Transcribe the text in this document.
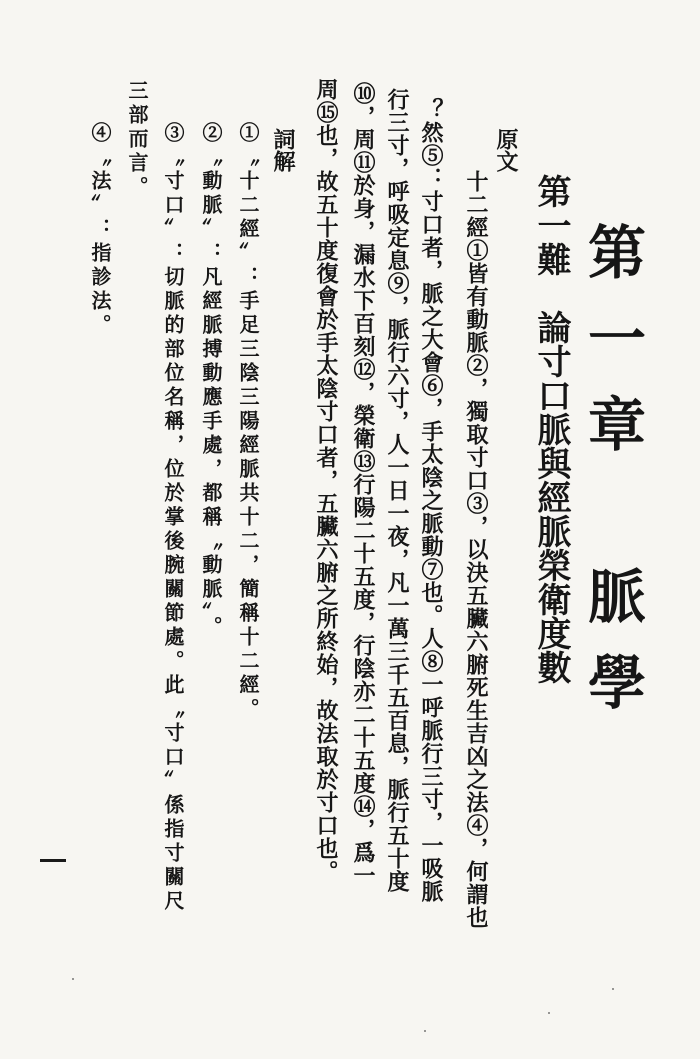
第一章　脈學
第一難　論寸口脈與經脈榮衛度數
原文
十二經①皆有動脈②，獨取寸口③，以決五臟六腑死生吉凶之法④，何謂也
？然⑤：寸口者，脈之大會⑥，手太陰之脈動⑦也。人⑧一呼脈行三寸，一吸脈
行三寸，呼吸定息⑨，脈行六寸，人一日一夜，凡一萬三千五百息，脈行五十度
⑩，周⑪於身，漏水下百刻⑫，榮衛⑬行陽二十五度，行陰亦二十五度⑭，爲一
周⑮也，故五十度復會於手太陰寸口者，五臟六腑之所終始，故法取於寸口也。
詞解
①〝十二經〞：手足三陰三陽經脈共十二，簡稱十二經。
②〝動脈〞：凡經脈搏動應手處，都稱〝動脈〞。
③〝寸口〞：切脈的部位名稱，位於掌後腕關節處。此〝寸口〞係指寸關尺
三部而言。
④〝法〞：指診法。
